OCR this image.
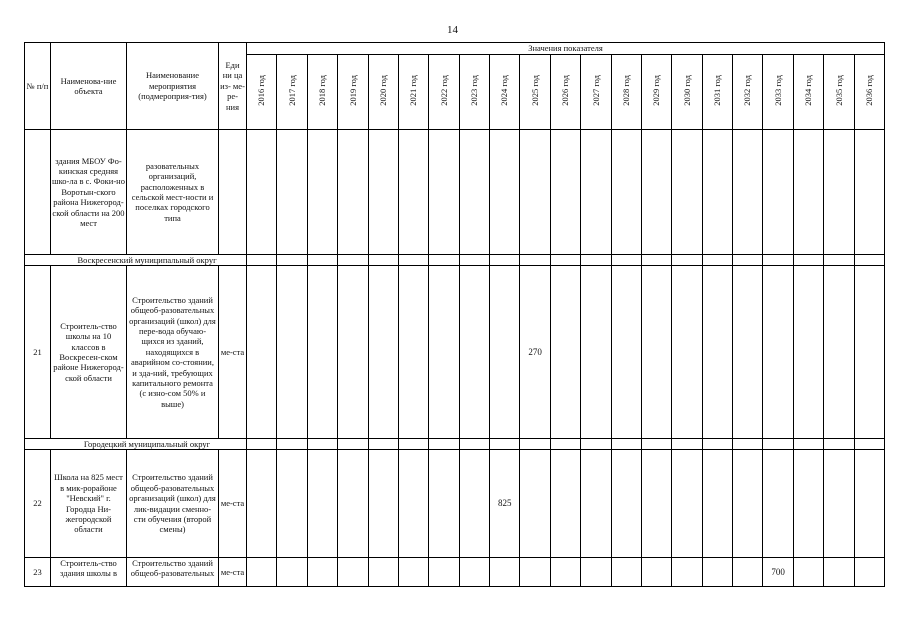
14
№ п/п	Наименова-ние объекта	Наименование мероприятия (подмероприя-тия)	Еди ни ца из- ме- ре- ния	Значения показателя																				
				2016 год	2017 год	2018 год	2019 год	2020 год	2021 год	2022 год	2023 год	2024 год	2025 год	2026 год	2027 год	2028 год	2029 год	2030 год	2031 год	2032 год	2033 год	2034 год	2035 год	2036 год
	здания МБОУ Фо-кинская средняя шко-ла в с. Фоки-но Воротын-ского района Нижегород-ской области на 200 мест	разовательных организаций, расположенных в сельской мест-ности и поселках городского типа																						
Воскресенский муниципальный округ																								
21	Строитель-ство школы на 10 классов в Воскресен-ском районе Нижегород-ской области	Строительство зданий общеоб-разовательных организаций (школ) для пере-вода обучаю-щихся из зданий, находящихся в аварийном со-стоянии, и зда-ний, требующих капитального ремонта (с изно-сом 50% и выше)	ме-ста										270											
Городецкий муниципальный округ																								
22	Школа на 825 мест в мик-рорайоне "Невский" г. Городца Ни-жегородской области	Строительство зданий общеоб-разовательных организаций (школ) для лик-видации сменно-сти обучения (второй смены)	ме-ста									825												
23	Строитель-ство здания школы в	Строительство зданий общеоб-разовательных	ме-ста																		700			
